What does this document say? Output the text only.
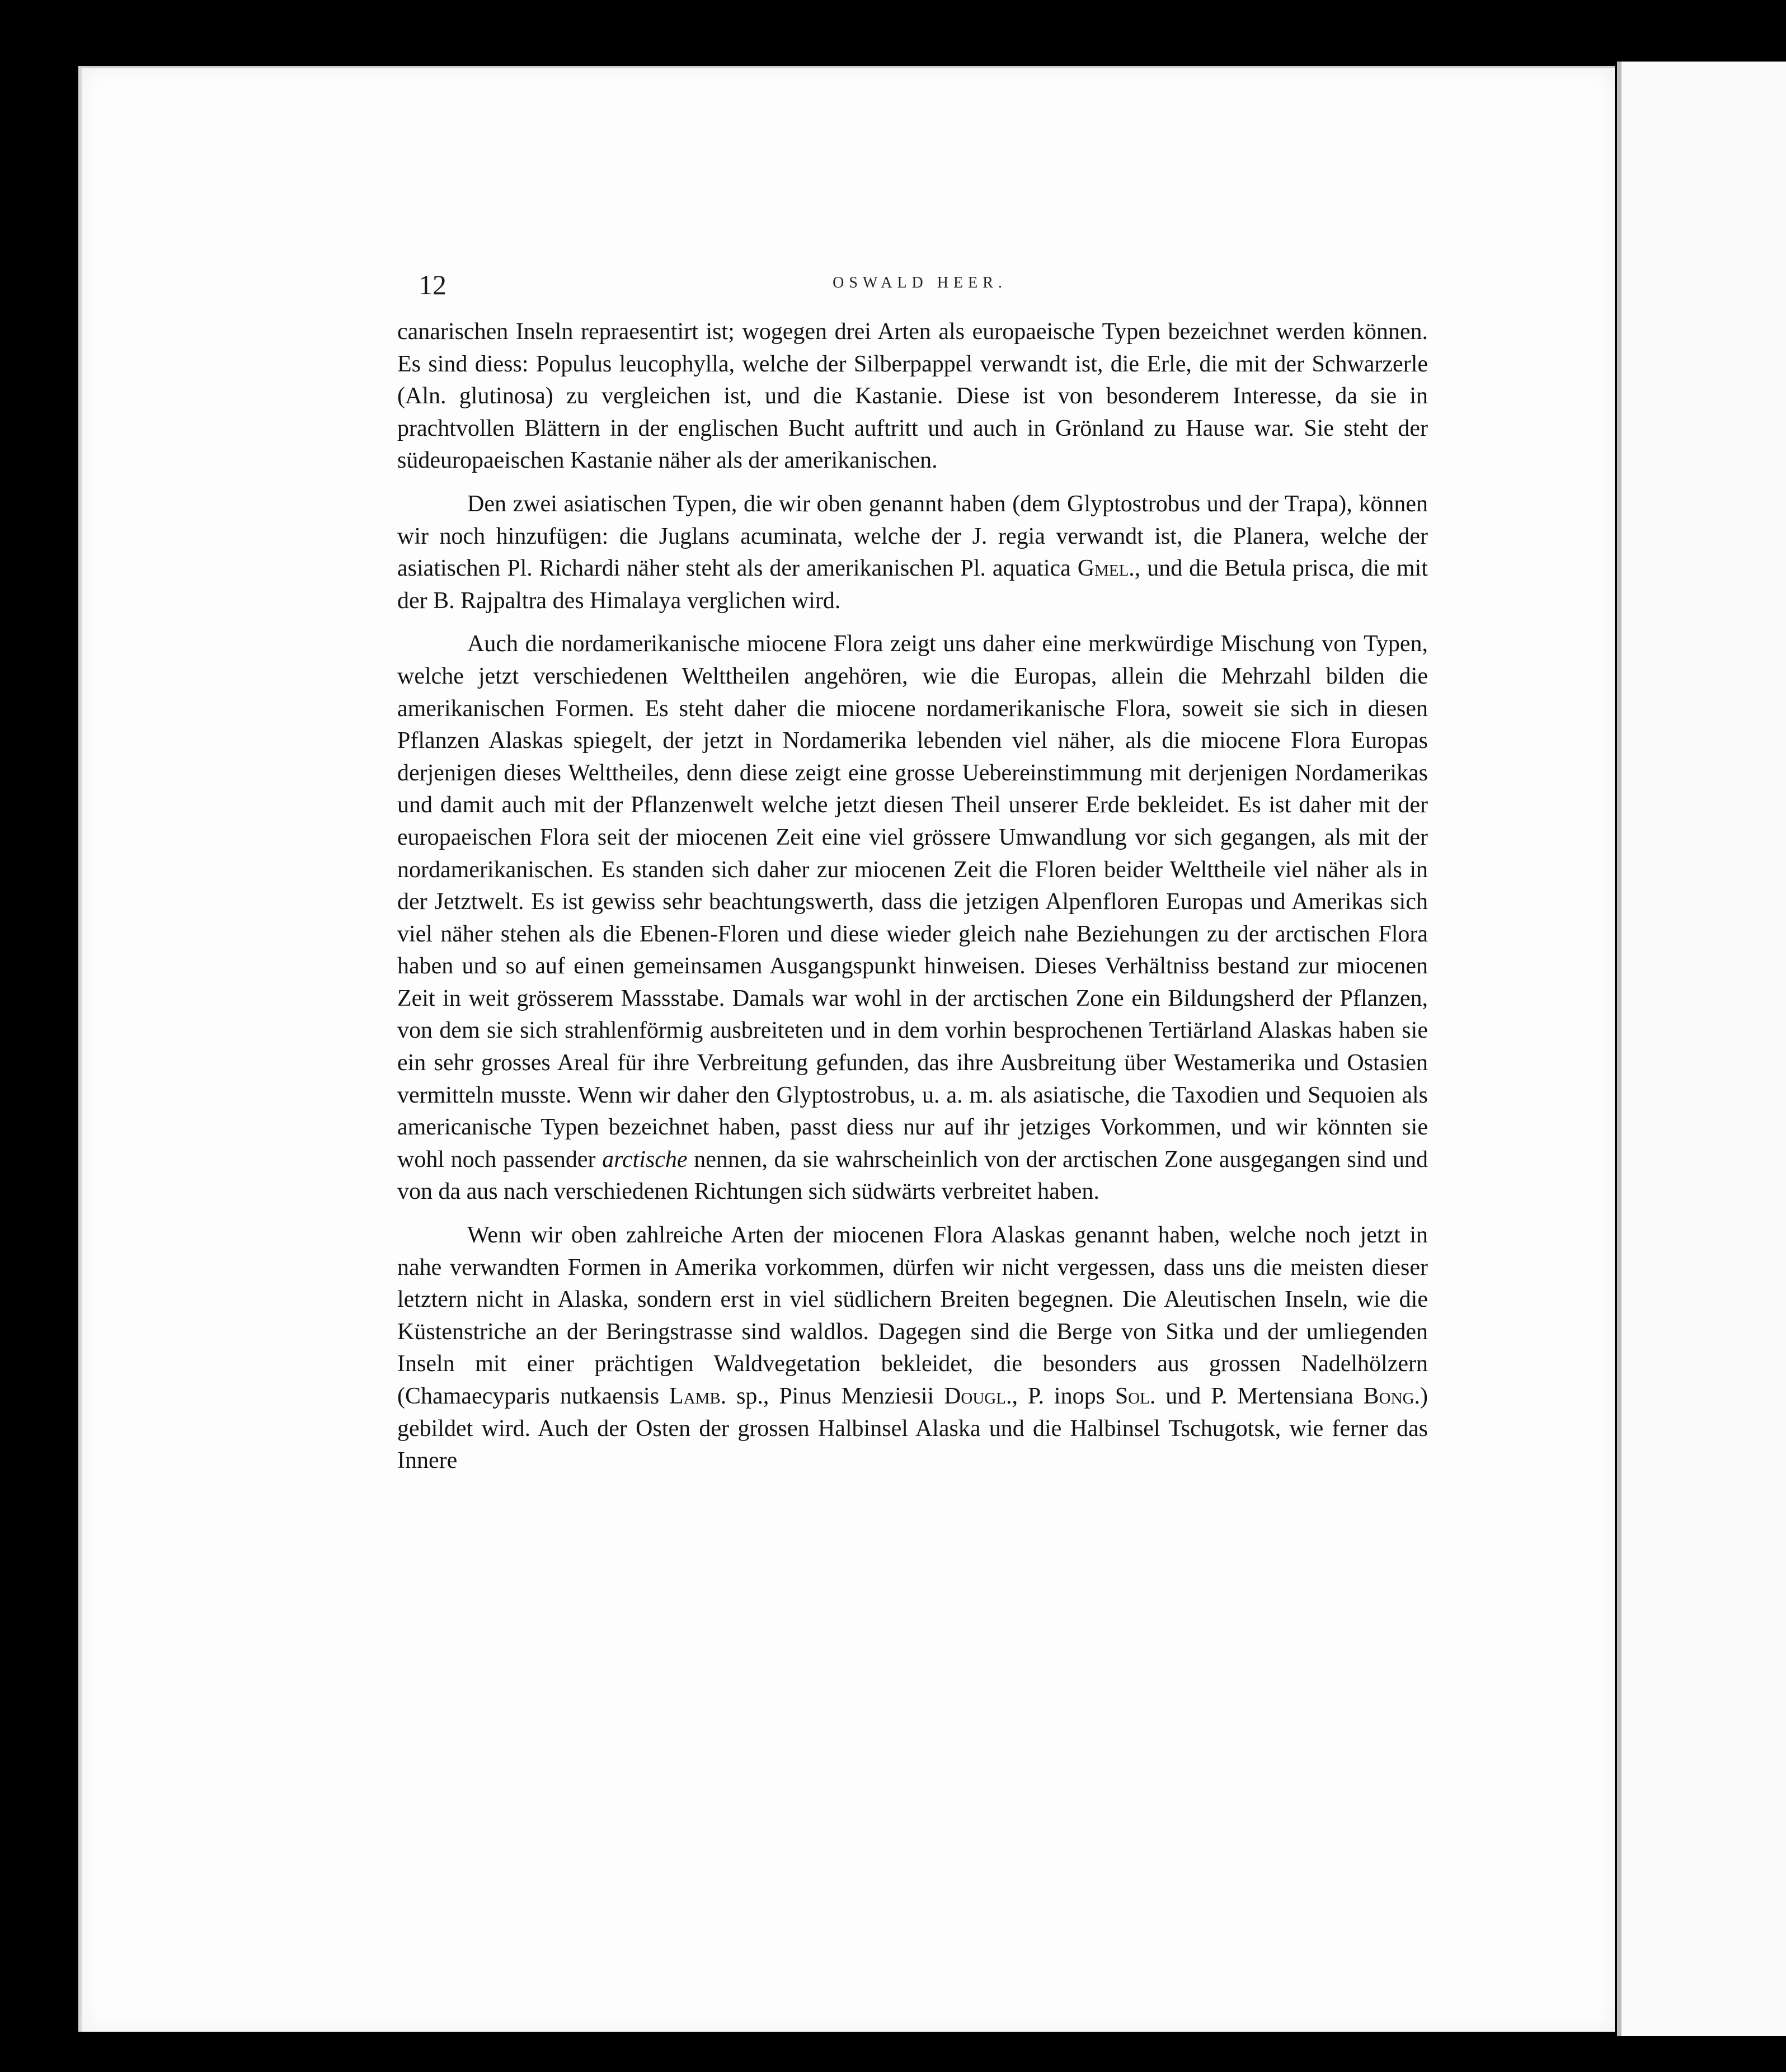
12	OSWALD HEER.

canarischen Inseln repraesentirt ist; wogegen drei Arten als europaeische Typen bezeichnet werden können. Es sind diess: Populus leucophylla, welche der Silberpappel verwandt ist, die Erle, die mit der Schwarzerle (Aln. glutinosa) zu vergleichen ist, und die Kastanie. Diese ist von besonderem Interesse, da sie in prachtvollen Blättern in der englischen Bucht auftritt und auch in Grönland zu Hause war. Sie steht der südeuropaeischen Kastanie näher als der amerikanischen.

Den zwei asiatischen Typen, die wir oben genannt haben (dem Glyptostrobus und der Trapa), können wir noch hinzufügen: die Juglans acuminata, welche der J. regia verwandt ist, die Planera, welche der asiatischen Pl. Richardi näher steht als der amerikanischen Pl. aquatica Gmel., und die Betula prisca, die mit der B. Rajpaltra des Himalaya verglichen wird.

Auch die nordamerikanische miocene Flora zeigt uns daher eine merkwürdige Mischung von Typen, welche jetzt verschiedenen Welttheilen angehören, wie die Europas, allein die Mehrzahl bilden die amerikanischen Formen. Es steht daher die miocene nordamerikanische Flora, soweit sie sich in diesen Pflanzen Alaskas spiegelt, der jetzt in Nordamerika lebenden viel näher, als die miocene Flora Europas derjenigen dieses Welttheiles, denn diese zeigt eine grosse Uebereinstimmung mit derjenigen Nordamerikas und damit auch mit der Pflanzenwelt welche jetzt diesen Theil unserer Erde bekleidet. Es ist daher mit der europaeischen Flora seit der miocenen Zeit eine viel grössere Umwandlung vor sich gegangen, als mit der nordamerikanischen. Es standen sich daher zur miocenen Zeit die Floren beider Welttheile viel näher als in der Jetztwelt. Es ist gewiss sehr beachtungswerth, dass die jetzigen Alpenfloren Europas und Amerikas sich viel näher stehen als die Ebenen-Floren und diese wieder gleich nahe Beziehungen zu der arctischen Flora haben und so auf einen gemeinsamen Ausgangspunkt hinweisen. Dieses Verhältniss bestand zur miocenen Zeit in weit grösserem Massstabe. Damals war wohl in der arctischen Zone ein Bildungsherd der Pflanzen, von dem sie sich strahlenförmig ausbreiteten und in dem vorhin besprochenen Tertiärland Alaskas haben sie ein sehr grosses Areal für ihre Verbreitung gefunden, das ihre Ausbreitung über Westamerika und Ostasien vermitteln musste. Wenn wir daher den Glyptostrobus, u. a. m. als asiatische, die Taxodien und Sequoien als americanische Typen bezeichnet haben, passt diess nur auf ihr jetziges Vorkommen, und wir könnten sie wohl noch passender arctische nennen, da sie wahrscheinlich von der arctischen Zone ausgegangen sind und von da aus nach verschiedenen Richtungen sich südwärts verbreitet haben.

Wenn wir oben zahlreiche Arten der miocenen Flora Alaskas genannt haben, welche noch jetzt in nahe verwandten Formen in Amerika vorkommen, dürfen wir nicht vergessen, dass uns die meisten dieser letztern nicht in Alaska, sondern erst in viel südlichern Breiten begegnen. Die Aleutischen Inseln, wie die Küstenstriche an der Beringstrasse sind waldlos. Dagegen sind die Berge von Sitka und der umliegenden Inseln mit einer prächtigen Waldvegetation bekleidet, die besonders aus grossen Nadelhölzern (Chamaecyparis nutkaensis Lamb. sp., Pinus Menziesii Dougl., P. inops Sol. und P. Mertensiana Bong.) gebildet wird. Auch der Osten der grossen Halbinsel Alaska und die Halbinsel Tschugotsk, wie ferner das Innere
